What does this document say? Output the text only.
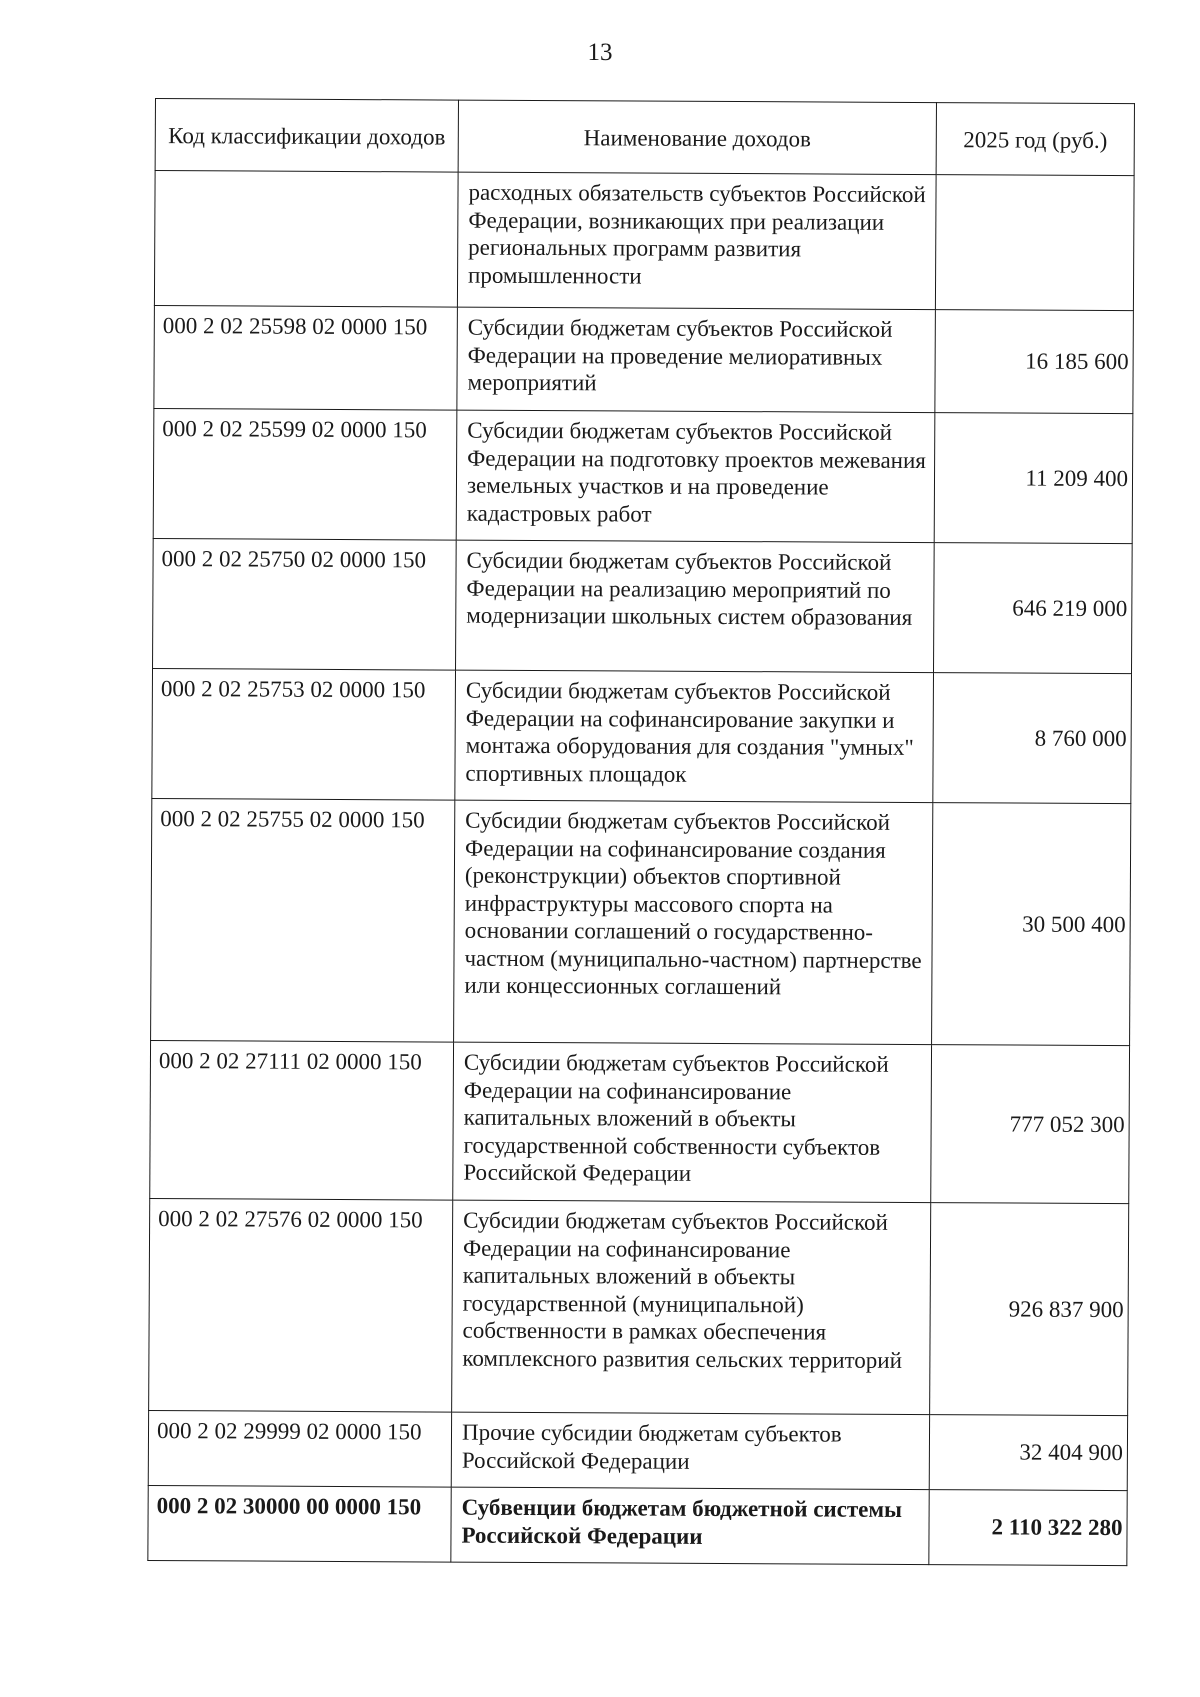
13
Код классификации доходов	Наименование доходов	2025 год (руб.)
	расходных обязательств субъектов Российской Федерации, возникающих при реализации региональных программ развития промышленности	
000 2 02 25598 02 0000 150	Субсидии бюджетам субъектов Российской Федерации на проведение мелиоративных мероприятий	16 185 600
000 2 02 25599 02 0000 150	Субсидии бюджетам субъектов Российской Федерации на подготовку проектов межевания земельных участков и на проведение кадастровых работ	11 209 400
000 2 02 25750 02 0000 150	Субсидии бюджетам субъектов Российской Федерации на реализацию мероприятий по модернизации школьных систем образования	646 219 000
000 2 02 25753 02 0000 150	Субсидии бюджетам субъектов Российской Федерации на софинансирование закупки и монтажа оборудования для создания "умных" спортивных площадок	8 760 000
000 2 02 25755 02 0000 150	Субсидии бюджетам субъектов Российской Федерации на софинансирование создания (реконструкции) объектов спортивной инфраструктуры массового спорта на основании соглашений о государственно-частном (муниципально-частном) партнерстве или концессионных соглашений	30 500 400
000 2 02 27111 02 0000 150	Субсидии бюджетам субъектов Российской Федерации на софинансирование капитальных вложений в объекты государственной собственности субъектов Российской Федерации	777 052 300
000 2 02 27576 02 0000 150	Субсидии бюджетам субъектов Российской Федерации на софинансирование капитальных вложений в объекты государственной (муниципальной) собственности в рамках обеспечения комплексного развития сельских территорий	926 837 900
000 2 02 29999 02 0000 150	Прочие субсидии бюджетам субъектов Российской Федерации	32 404 900
000 2 02 30000 00 0000 150	Субвенции бюджетам бюджетной системы Российской Федерации	2 110 322 280
